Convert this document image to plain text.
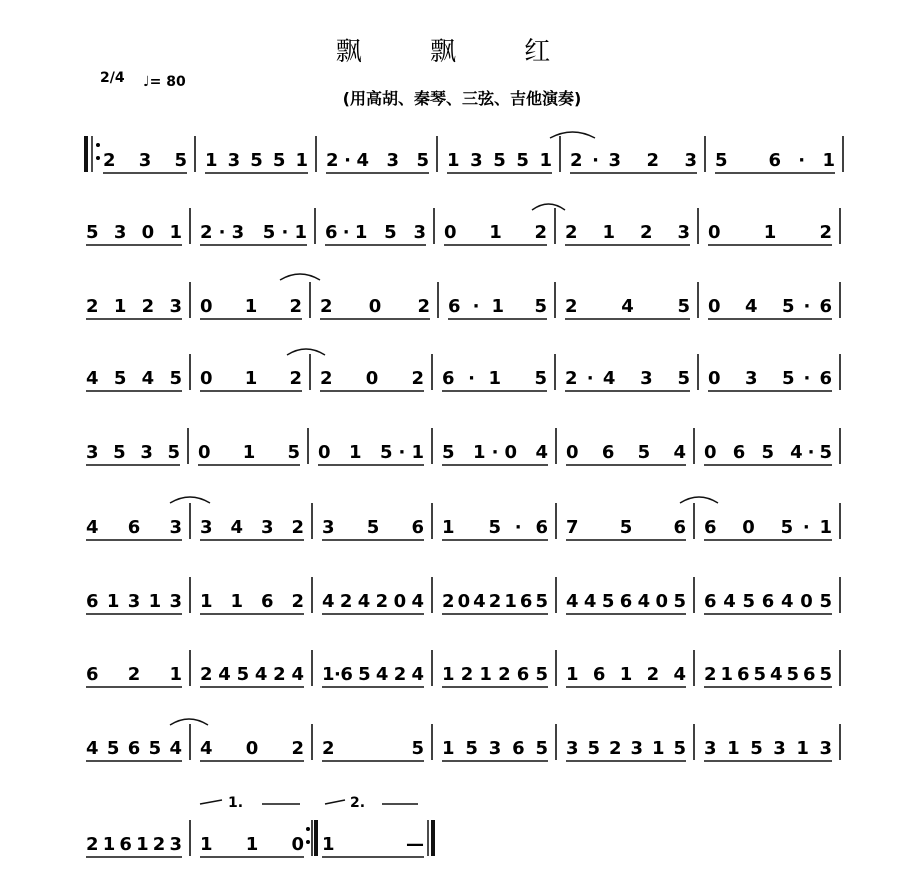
飘 飘 红
(用高胡、秦琴、三弦、吉他演奏)
2/4 ♩= 80
2 3 5 1 3 5 5 1 2·4 3 5 1 3 5 5 1 2·3 2 3 5 6·1
5 3 0 1 2·3 5·1 6·1 5 3 0 1 2 2 1 2 3 0 1 2
2 1 2 3 0 1 2 2 0 2 6·1 5 2 4 5 0 4 5·6
4 5 4 5 0 1 2 2 0 2 6·1 5 2·4 3 5 0 3 5·6
3 5 3 5 0 1 5 0 1 5·1 5 1·0 4 0 6 5 4 0 6 5 4·5
4 6 3 3 4 3 2 3 5 6 1 5·6 7 5 6 6 0 5·1
6 1 3 1 3 1 1 6 2 4 2 4 2 0 4 2 0 4 2 1 6 5 4 4 5 6 4 0 5 6 4 5 6 4 0 5
6 2 1 2 4 5 4 2 4 1·6 5 4 2 4 1 2 1 2 6 5 1 6 1 2 4 2 1 6 5 4 5 6 5
4 5 6 5 4 4 0 2 2 5 1 5 3 6 5 3 5 2 3 1 5 3 1 5 3 1 3
2 1 6 1 2 3 1 1 0 1 —
1.	2.
